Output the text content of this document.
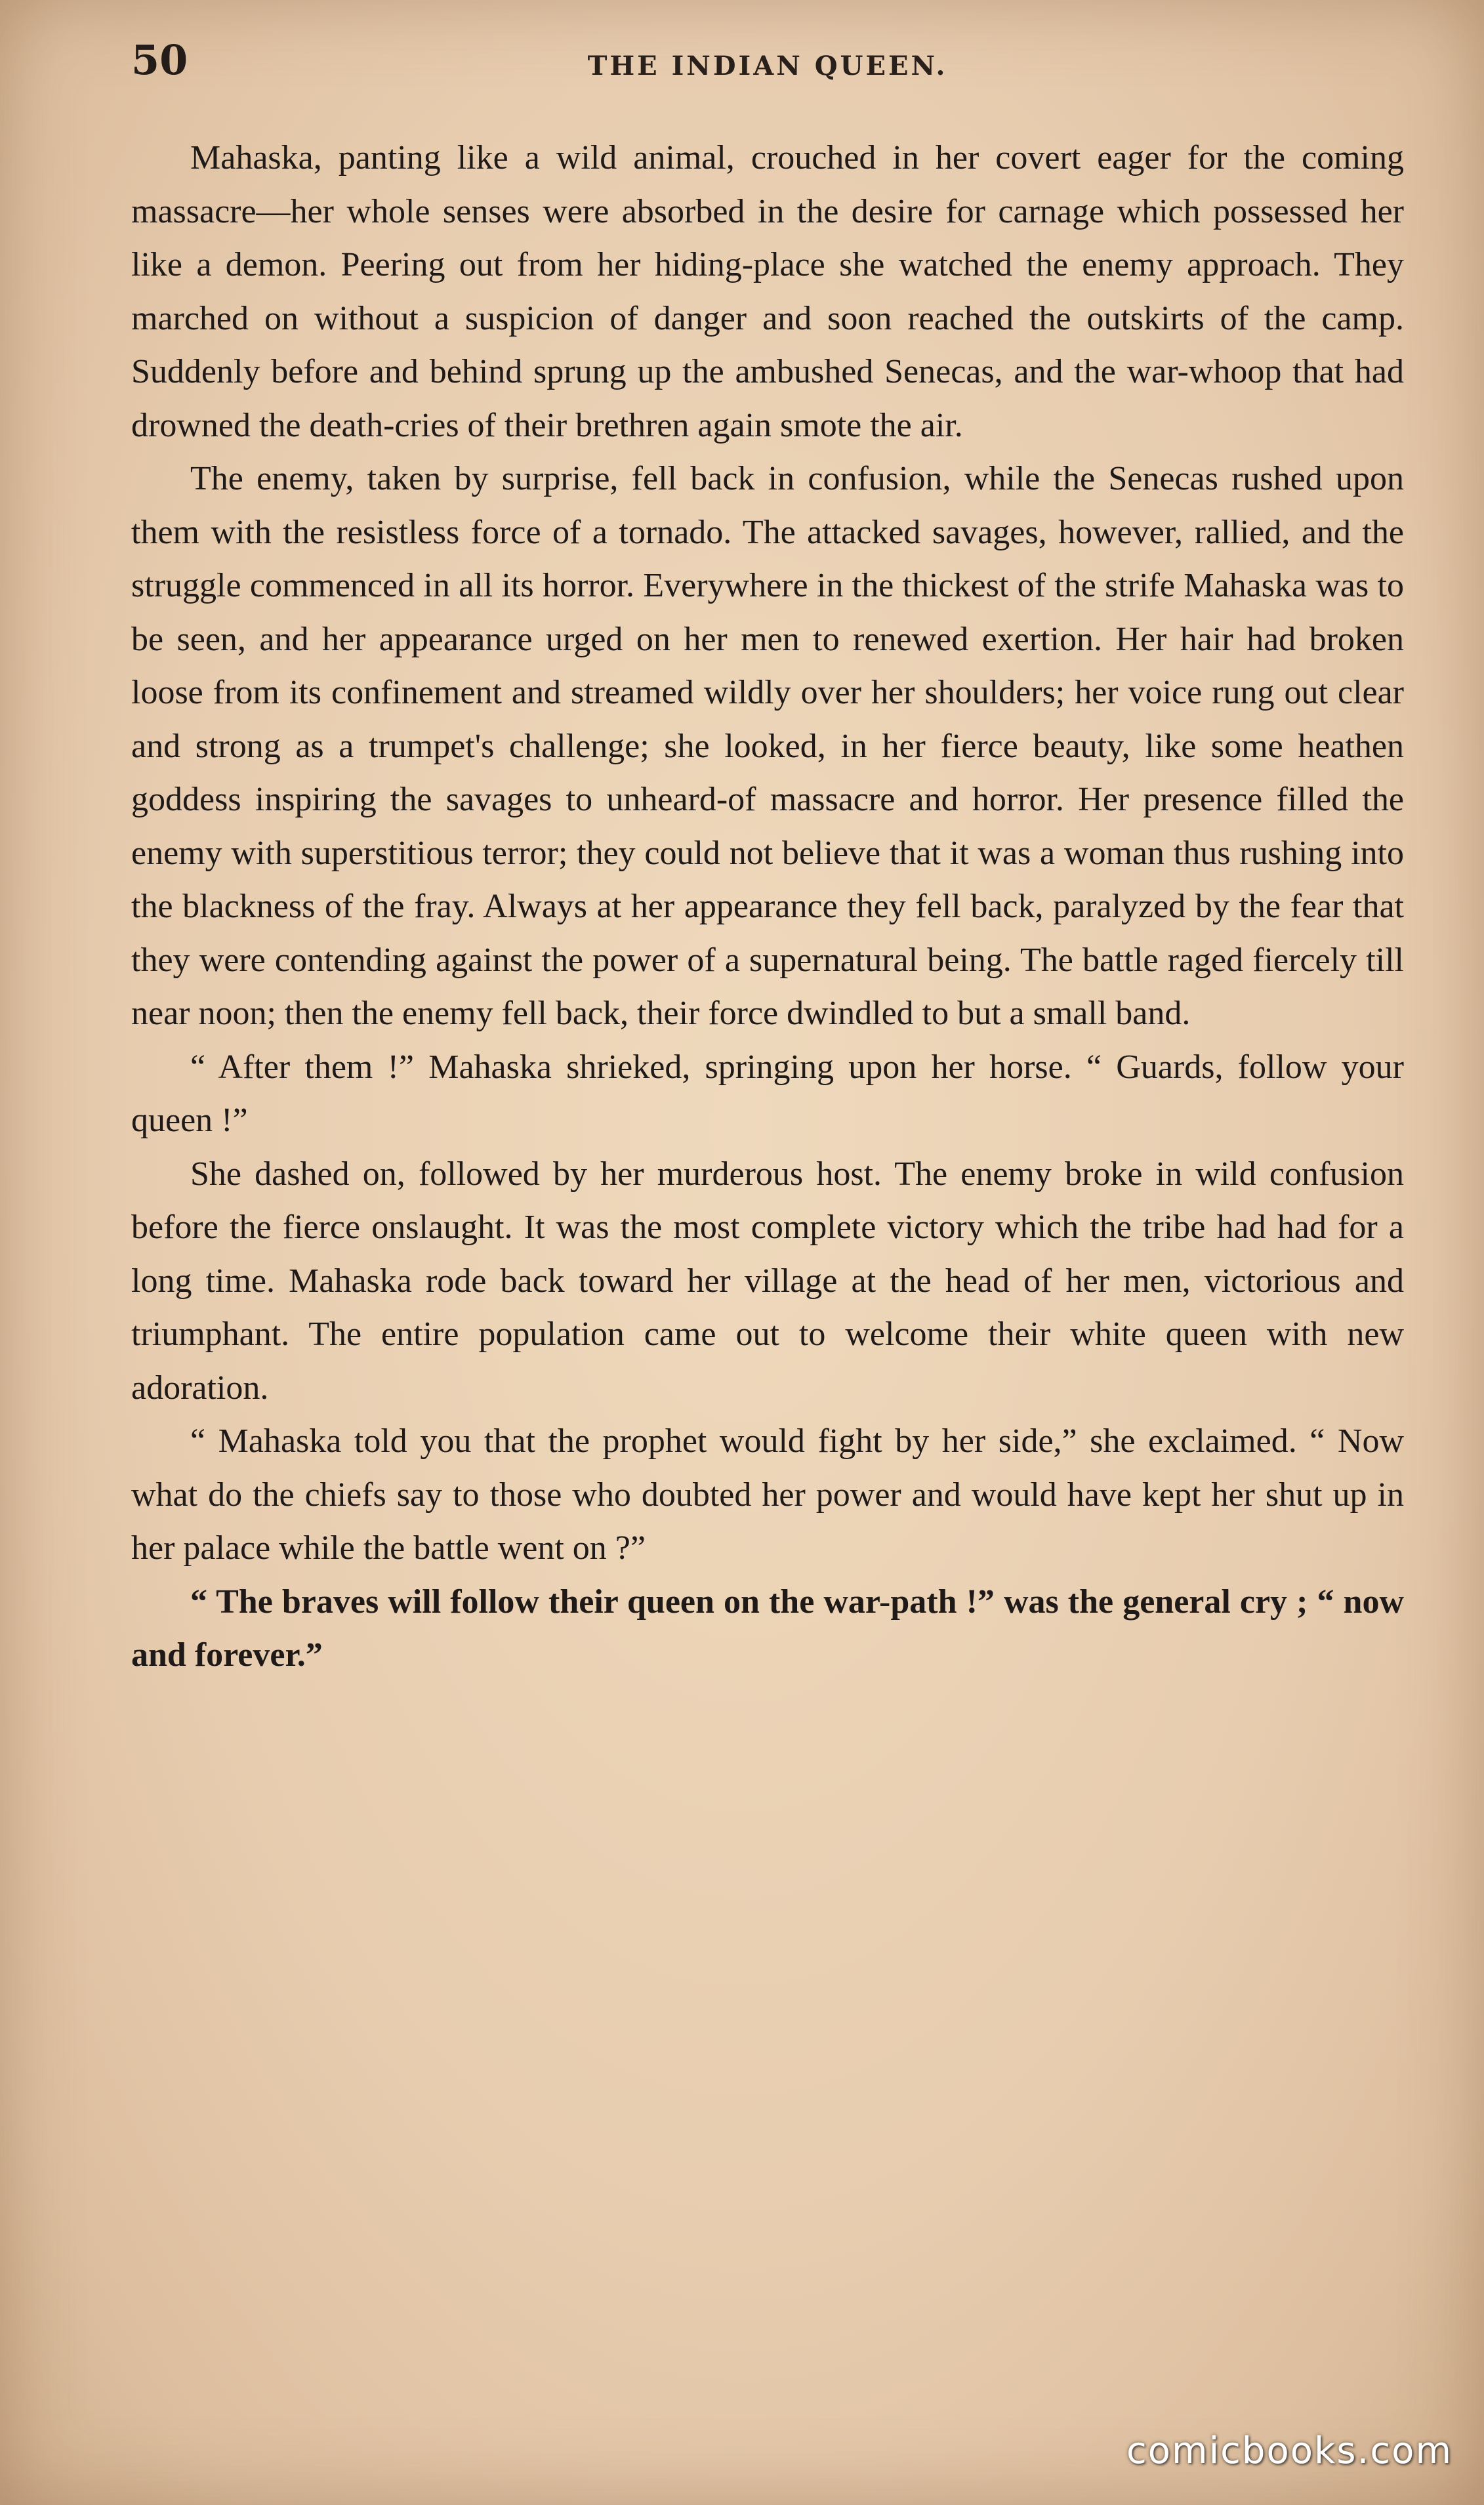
50	THE INDIAN QUEEN.

Mahaska, panting like a wild animal, crouched in her covert eager for the coming massacre—her whole senses were absorbed in the desire for carnage which possessed her like a demon. Peering out from her hiding-place she watched the enemy approach. They marched on without a suspicion of danger and soon reached the outskirts of the camp. Suddenly before and behind sprung up the ambushed Senecas, and the war-whoop that had drowned the death-cries of their brethren again smote the air.

The enemy, taken by surprise, fell back in confusion, while the Senecas rushed upon them with the resistless force of a tornado. The attacked savages, however, rallied, and the struggle commenced in all its horror. Everywhere in the thickest of the strife Mahaska was to be seen, and her appearance urged on her men to renewed exertion. Her hair had broken loose from its confinement and streamed wildly over her shoulders; her voice rung out clear and strong as a trumpet's challenge; she looked, in her fierce beauty, like some heathen goddess inspiring the savages to unheard-of massacre and horror. Her presence filled the enemy with superstitious terror; they could not believe that it was a woman thus rushing into the blackness of the fray. Always at her appearance they fell back, paralyzed by the fear that they were contending against the power of a supernatural being. The battle raged fiercely till near noon; then the enemy fell back, their force dwindled to but a small band.

“ After them !” Mahaska shrieked, springing upon her horse. “ Guards, follow your queen !”

She dashed on, followed by her murderous host. The enemy broke in wild confusion before the fierce onslaught. It was the most complete victory which the tribe had had for a long time. Mahaska rode back toward her village at the head of her men, victorious and triumphant. The entire population came out to welcome their white queen with new adoration.

“ Mahaska told you that the prophet would fight by her side,” she exclaimed. “ Now what do the chiefs say to those who doubted her power and would have kept her shut up in her palace while the battle went on ?”

“ The braves will follow their queen on the war-path !” was the general cry ; “ now and forever.”

comicbooks.com
